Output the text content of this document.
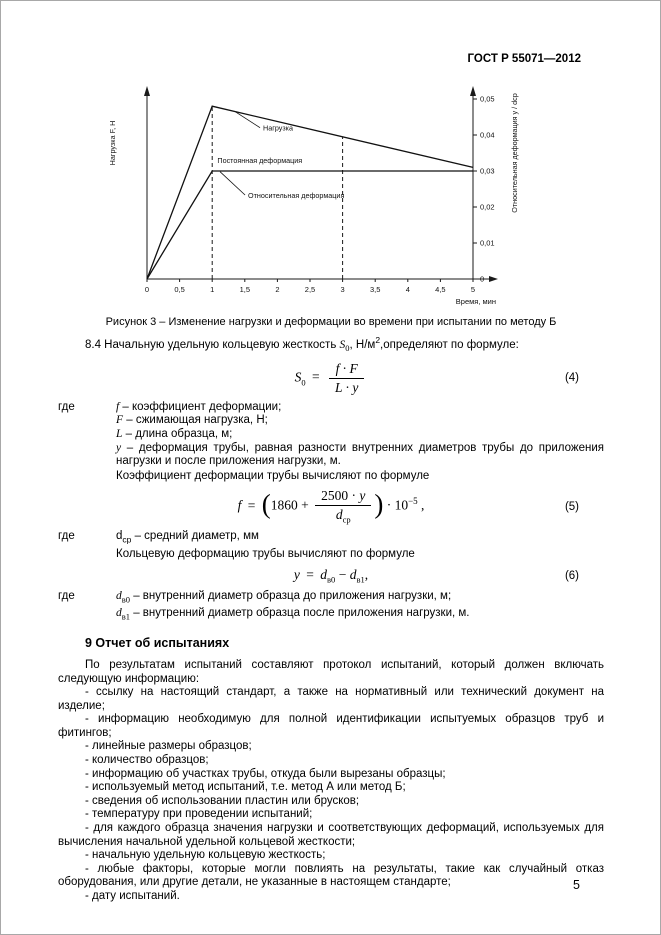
ГОСТ Р 55071—2012
0	0,5	1	1,5	2	2,5	3	3,5	4	4,5	5
0
0,01
0,02
0,03
0,04
0,05
Нагрузка
Постоянная деформация
Относительная деформация
Нагрузка F, Н	Относительная деформация y / dср
Время, мин
Рисунок 3 – Изменение нагрузки и деформации во времени при испытании по методу Б

8.4 Начальную удельную кольцевую жесткость $S_0$, $Н/м^2,определяют$ по формуле:

$S_0 = \frac{f \cdot F}{L \cdot y}$	(4)
где	f – коэффициент деформации;
F – сжимающая нагрузка, Н;
L – длина образца, м;
y – деформация трубы, равная разности внутренних диаметров трубы до приложения нагрузки и после приложения нагрузки, м.
Коэффициент деформации трубы вычисляют по формуле
$f = (1860 + \frac{2500 \cdot y}{d_{ср}}$ ) · $10^{-5}$ ,	(5)
где	$d_{ср}$ – средний диаметр, мм
Кольцевую деформацию трубы вычисляют по формуле
$y = d_{в0} - d_{в1}$,	(6)
где	$d_{в0}$ – внутренний диаметр образца до приложения нагрузки, м;
$d_{в1}$ – внутренний диаметр образца после приложения нагрузки, м.
9 Отчет об испытаниях

По результатам испытаний составляют протокол испытаний, который должен включать следующую информацию:

- ссылку на настоящий стандарт, а также на нормативный или технический документ на изделие;

- информацию необходимую для полной идентификации испытуемых образцов труб и фитингов;

- линейные размеры образцов;

- количество образцов;

- информацию об участках трубы, откуда были вырезаны образцы;

- используемый метод испытаний, т.е. метод А или метод Б;

- сведения об использовании пластин или брусков;

- температуру при проведении испытаний;

- для каждого образца значения нагрузки и соответствующих деформаций, используемых для вычисления начальной удельной кольцевой жесткости;

- начальную удельную кольцевую жесткость;

- любые факторы, которые могли повлиять на результаты, такие как случайный отказ оборудования, или другие детали, не указанные в настоящем стандарте;

- дату испытаний.

5
